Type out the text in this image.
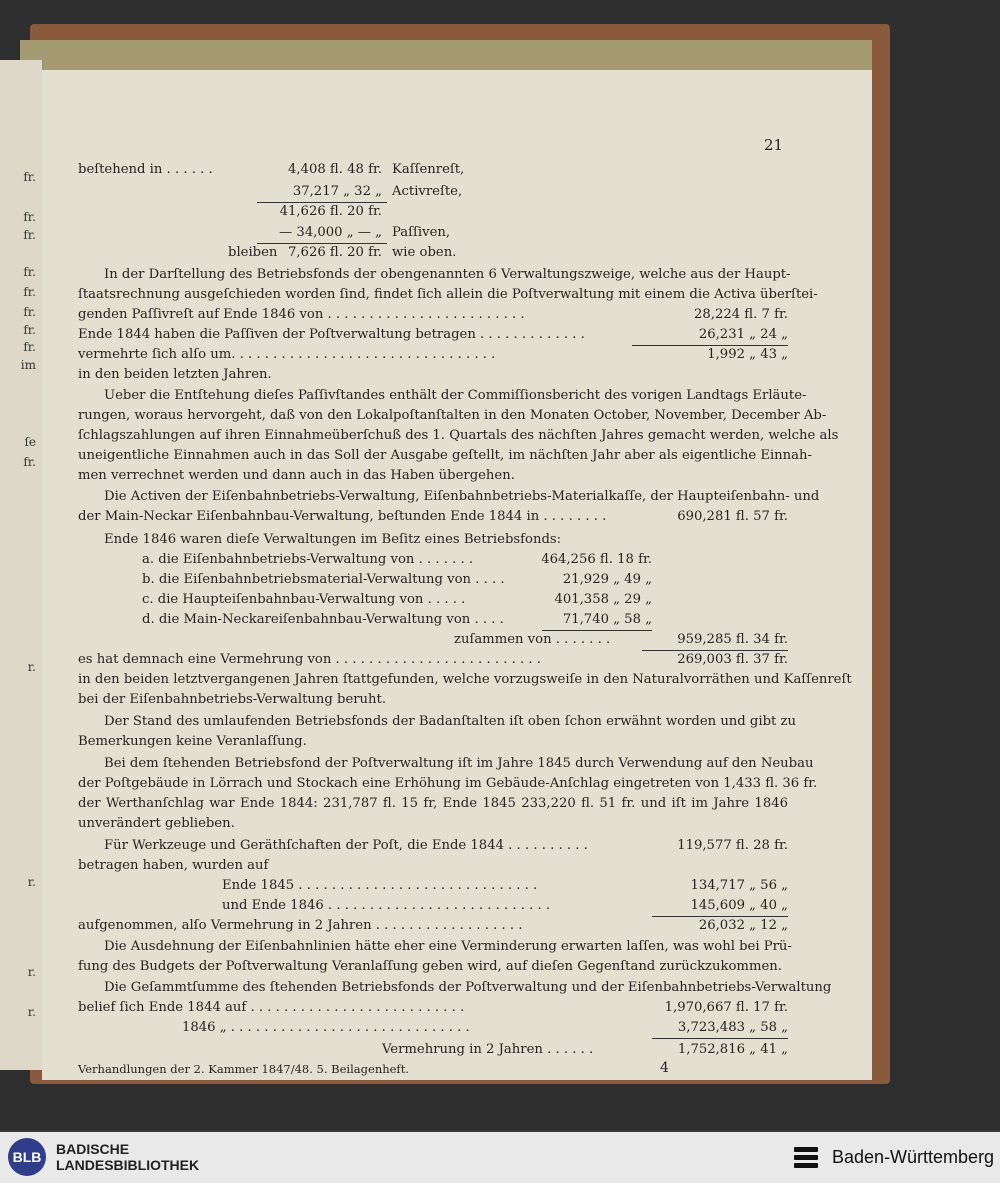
fr.
fr.
fr.
fr.
fr.
fr.
fr.
fr.
im
ſe
fr.
r.
r.
r.
r.
21
beſtehend in . . . . . .	4,408 fl. 48 fr. Kaſſenreſt,
37,217 „ 32 „ Activreſte,
41,626 fl. 20 fr.
— 34,000 „ — „ Paſſiven,
bleiben 7,626 fl. 20 fr. wie oben.
In der Darſtellung des Betriebsfonds der obengenannten 6 Verwaltungszweige, welche aus der Haupt-
ſtaatsrechnung ausgeſchieden worden ſind, findet ſich allein die Poſtverwaltung mit einem die Activa überſtei-
genden Paſſivreſt auf Ende 1846 von . . . . . . . . . . . . . . . . . . . . . . . .	28,224 fl. 7 fr.
Ende 1844 haben die Paſſiven der Poſtverwaltung betragen . . . . . . . . . . . . .	26,231 „ 24 „
vermehrte ſich alſo um. . . . . . . . . . . . . . . . . . . . . . . . . . . . . . . .	1,992 „ 43 „
in den beiden letzten Jahren.
Ueber die Entſtehung dieſes Paſſivſtandes enthält der Commiſſionsbericht des vorigen Landtags Erläute-
rungen, woraus hervorgeht, daß von den Lokalpoſtanſtalten in den Monaten October, November, December Ab-
ſchlagszahlungen auf ihren Einnahmeüberſchuß des 1. Quartals des nächſten Jahres gemacht werden, welche als
uneigentliche Einnahmen auch in das Soll der Ausgabe geſtellt, im nächſten Jahr aber als eigentliche Einnah-
men verrechnet werden und dann auch in das Haben übergehen.
Die Activen der Eiſenbahnbetriebs-Verwaltung, Eiſenbahnbetriebs-Materialkaſſe, der Haupteiſenbahn- und
der Main-Neckar Eiſenbahnbau-Verwaltung, beſtunden Ende 1844 in . . . . . . . .	690,281 fl. 57 fr.
Ende 1846 waren dieſe Verwaltungen im Beſitz eines Betriebsfonds:
a. die Eiſenbahnbetriebs-Verwaltung von . . . . . . .	464,256 fl. 18 fr.
b. die Eiſenbahnbetriebsmaterial-Verwaltung von . . . .	21,929 „ 49 „
c. die Haupteiſenbahnbau-Verwaltung von . . . . .	401,358 „ 29 „
d. die Main-Neckareiſenbahnbau-Verwaltung von . . . .	71,740 „ 58 „
zuſammen von . . . . . . .	959,285 fl. 34 fr.
es hat demnach eine Vermehrung von . . . . . . . . . . . . . . . . . . . . . . . . .	269,003 fl. 37 fr.
in den beiden letztvergangenen Jahren ſtattgefunden, welche vorzugsweiſe in den Naturalvorräthen und Kaſſenreſt
bei der Eiſenbahnbetriebs-Verwaltung beruht.
Der Stand des umlaufenden Betriebsfonds der Badanſtalten iſt oben ſchon erwähnt worden und gibt zu
Bemerkungen keine Veranlaſſung.
Bei dem ſtehenden Betriebsfond der Poſtverwaltung iſt im Jahre 1845 durch Verwendung auf den Neubau
der Poſtgebäude in Lörrach und Stockach eine Erhöhung im Gebäude-Anſchlag eingetreten von 1,433 fl. 36 fr.
der Werthanſchlag war Ende 1844: 231,787 fl. 15 fr, Ende 1845 233,220 fl. 51 fr. und iſt im Jahre 1846
unverändert geblieben.
Für Werkzeuge und Geräthſchaften der Poſt, die Ende 1844 . . . . . . . . . .	119,577 fl. 28 fr.
betragen haben, wurden auf
Ende 1845 . . . . . . . . . . . . . . . . . . . . . . . . . . . . .	134,717 „ 56 „
und Ende 1846 . . . . . . . . . . . . . . . . . . . . . . . . . . .	145,609 „ 40 „
aufgenommen, alſo Vermehrung in 2 Jahren . . . . . . . . . . . . . . . . . .	26,032 „ 12 „
Die Ausdehnung der Eiſenbahnlinien hätte eher eine Verminderung erwarten laſſen, was wohl bei Prü-
fung des Budgets der Poſtverwaltung Veranlaſſung geben wird, auf dieſen Gegenſtand zurückzukommen.
Die Geſammtſumme des ſtehenden Betriebsfonds der Poſtverwaltung und der Eiſenbahnbetriebs-Verwaltung
belief ſich Ende 1844 auf . . . . . . . . . . . . . . . . . . . . . . . . . .	1,970,667 fl. 17 fr.
1846 „ . . . . . . . . . . . . . . . . . . . . . . . . . . . . .	3,723,483 „ 58 „
Vermehrung in 2 Jahren . . . . . .	1,752,816 „ 41 „
Verhandlungen der 2. Kammer 1847/48. 5. Beilagenheft.	4
BLB	BADISCHE
LANDESBIBLIOTHEK	Baden-Württemberg
